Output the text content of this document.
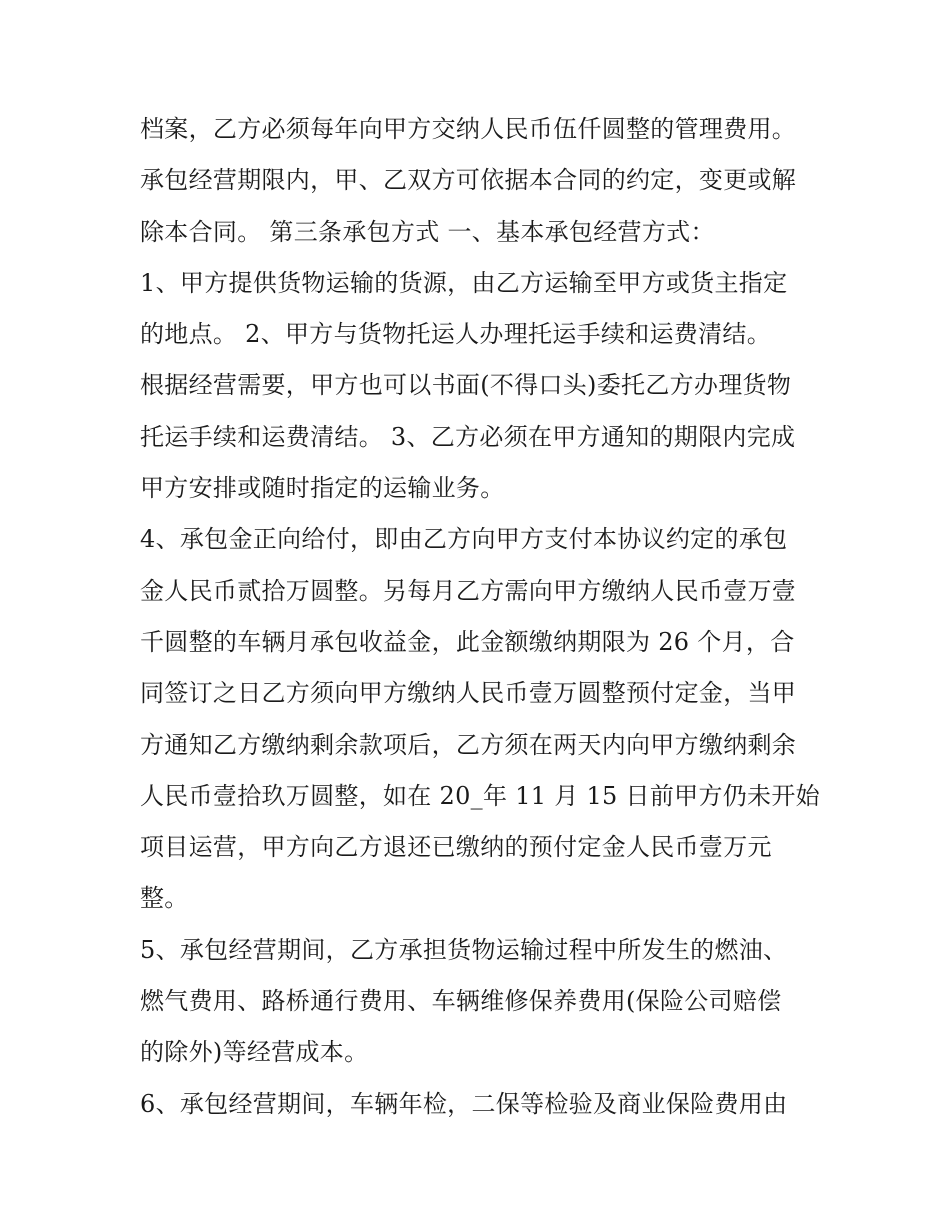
档案，乙方必须每年向甲方交纳人民币伍仟圆整的管理费用。
承包经营期限内，甲、乙双方可依据本合同的约定，变更或解
除本合同。 第三条承包方式 一、基本承包经营方式：
1、甲方提供货物运输的货源，由乙方运输至甲方或货主指定
的地点。 2、甲方与货物托运人办理托运手续和运费清结。
根据经营需要，甲方也可以书面(不得口头)委托乙方办理货物
托运手续和运费清结。 3、乙方必须在甲方通知的期限内完成
甲方安排或随时指定的运输业务。
4、承包金正向给付，即由乙方向甲方支付本协议约定的承包
金人民币贰拾万圆整。另每月乙方需向甲方缴纳人民币壹万壹
千圆整的车辆月承包收益金，此金额缴纳期限为 26 个月，合
同签订之日乙方须向甲方缴纳人民币壹万圆整预付定金，当甲
方通知乙方缴纳剩余款项后，乙方须在两天内向甲方缴纳剩余
人民币壹拾玖万圆整，如在 20_年 11 月 15 日前甲方仍未开始
项目运营，甲方向乙方退还已缴纳的预付定金人民币壹万元
整。
5、承包经营期间，乙方承担货物运输过程中所发生的燃油、
燃气费用、路桥通行费用、车辆维修保养费用(保险公司赔偿
的除外)等经营成本。
6、承包经营期间，车辆年检，二保等检验及商业保险费用由
